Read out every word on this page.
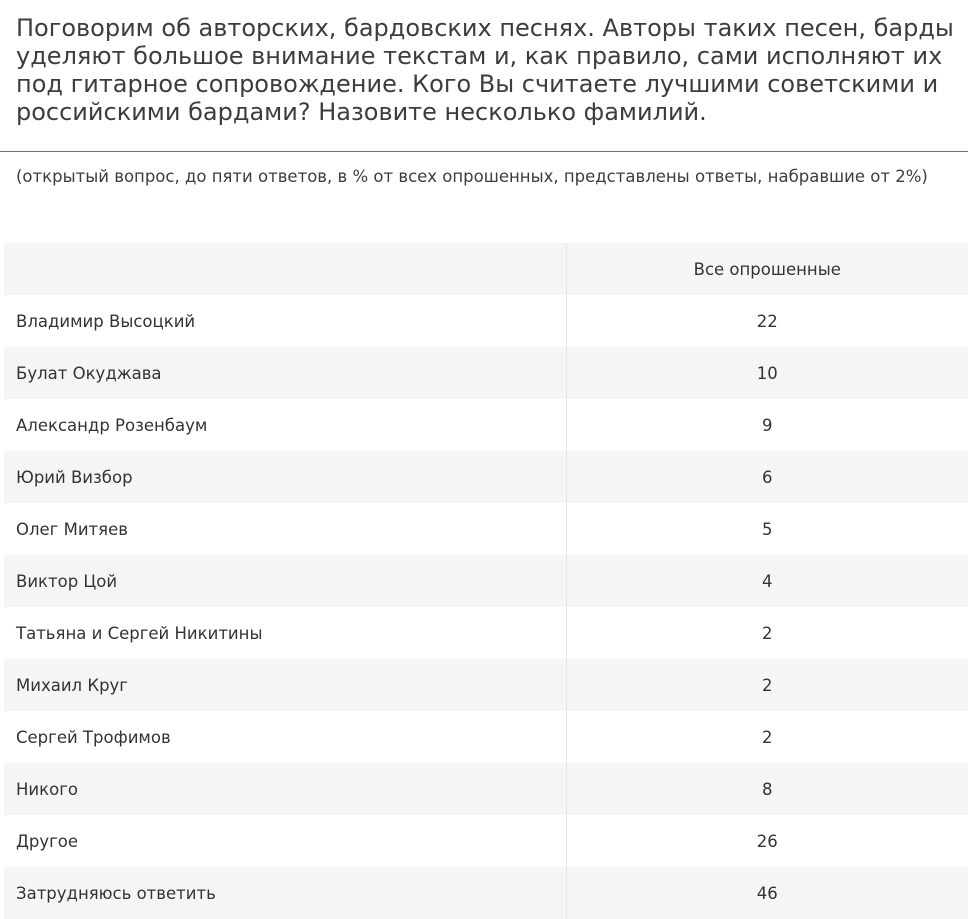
Поговорим об авторских, бардовских песнях. Авторы таких песен, барды уделяют большое внимание текстам и, как правило, сами исполняют их под гитарное сопровождение. Кого Вы считаете лучшими советскими и российскими бардами? Назовите несколько фамилий.
(открытый вопрос, до пяти ответов, в % от всех опрошенных, представлены ответы, набравшие от 2%)
	Все опрошенные
Владимир Высоцкий	22
Булат Окуджава	10
Александр Розенбаум	9
Юрий Визбор	6
Олег Митяев	5
Виктор Цой	4
Татьяна и Сергей Никитины	2
Михаил Круг	2
Сергей Трофимов	2
Никого	8
Другое	26
Затрудняюсь ответить	46
